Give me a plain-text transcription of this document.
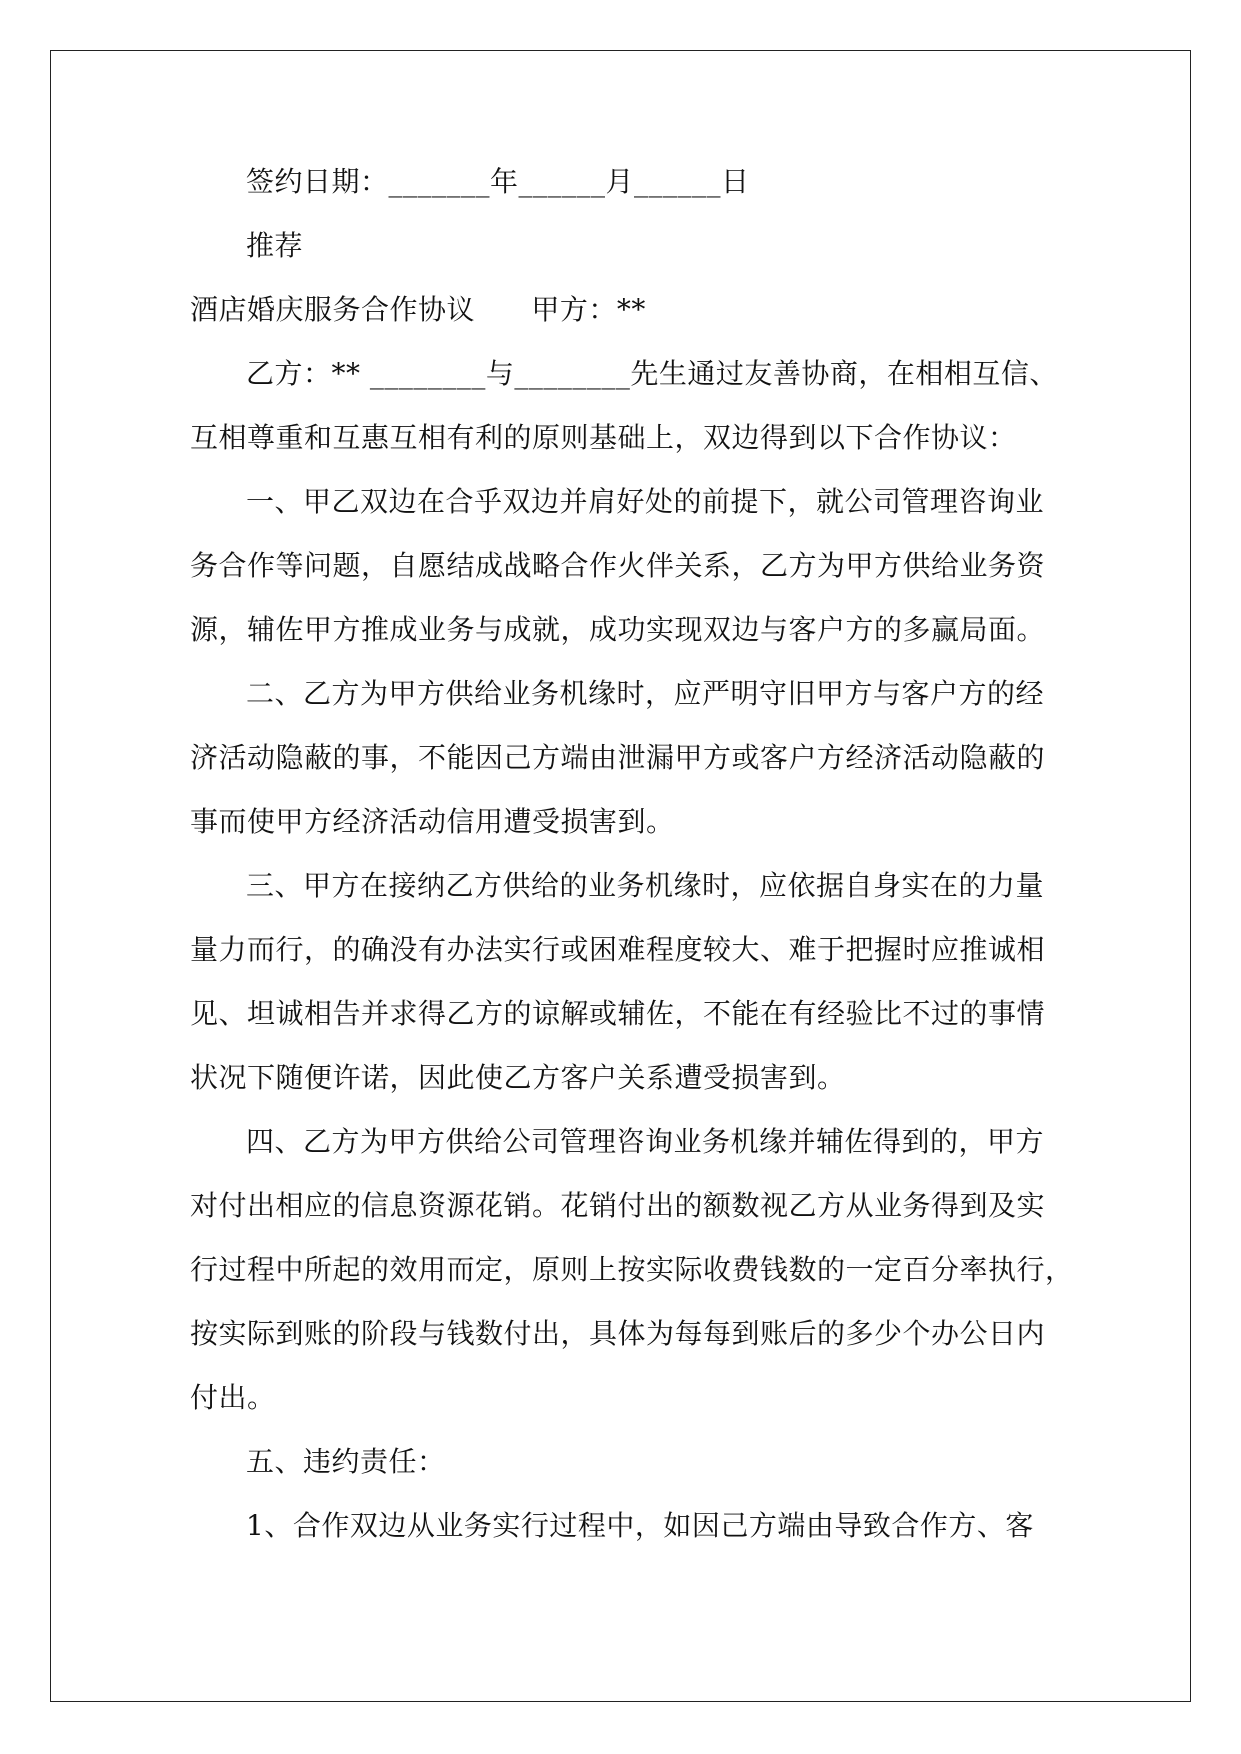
签约日期：_______年______月______日
推荐
酒店婚庆服务合作协议      甲方：**
乙方：** ________与________先生通过友善协商，在相相互信、
互相尊重和互惠互相有利的原则基础上，双边得到以下合作协议：
一、甲乙双边在合乎双边并肩好处的前提下，就公司管理咨询业
务合作等问题，自愿结成战略合作火伴关系，乙方为甲方供给业务资
源，辅佐甲方推成业务与成就，成功实现双边与客户方的多赢局面。
二、乙方为甲方供给业务机缘时，应严明守旧甲方与客户方的经
济活动隐蔽的事，不能因己方端由泄漏甲方或客户方经济活动隐蔽的
事而使甲方经济活动信用遭受损害到。
三、甲方在接纳乙方供给的业务机缘时，应依据自身实在的力量
量力而行，的确没有办法实行或困难程度较大、难于把握时应推诚相
见、坦诚相告并求得乙方的谅解或辅佐，不能在有经验比不过的事情
状况下随便许诺，因此使乙方客户关系遭受损害到。
四、乙方为甲方供给公司管理咨询业务机缘并辅佐得到的，甲方
对付出相应的信息资源花销。花销付出的额数视乙方从业务得到及实
行过程中所起的效用而定，原则上按实际收费钱数的一定百分率执行，
按实际到账的阶段与钱数付出，具体为每每到账后的多少个办公日内
付出。
五、违约责任：
1、合作双边从业务实行过程中，如因己方端由导致合作方、客
